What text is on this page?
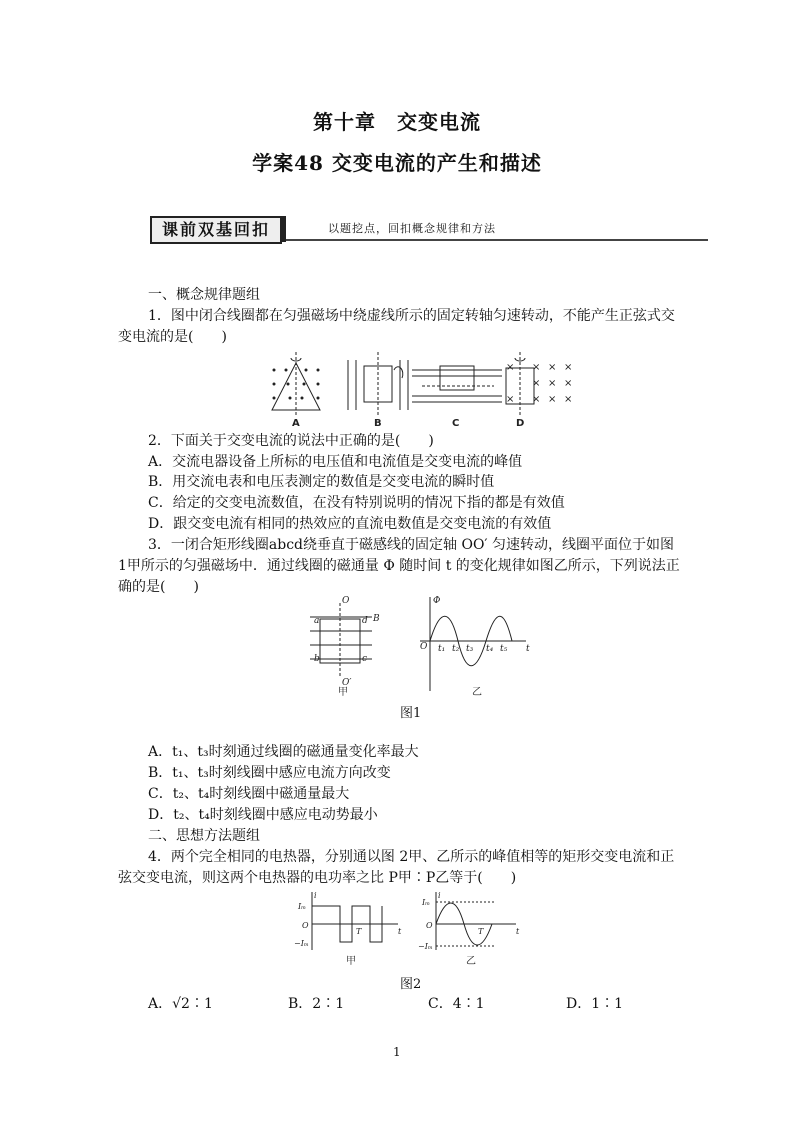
第十章　交变电流
学案48 交变电流的产生和描述
课前双基回扣	以题挖点，回扣概念规律和方法
一、概念规律题组
1．图中闭合线圈都在匀强磁场中绕虚线所示的固定转轴匀速转动，不能产生正弦式交
变电流的是(　　)
× × ×
× × ×
× × ×
×
×
A	B	C	D
2．下面关于交变电流的说法中正确的是(　　)
A．交流电器设备上所标的电压值和电流值是交变电流的峰值
B．用交流电表和电压表测定的数值是交变电流的瞬时值
C．给定的交变电流数值，在没有特别说明的情况下指的都是有效值
D．跟交变电流有相同的热效应的直流电数值是交变电流的有效值
3．一闭合矩形线圈abcd绕垂直于磁感线的固定轴 OO′ 匀速转动，线圈平面位于如图
1甲所示的匀强磁场中．通过线圈的磁通量 Φ 随时间 t 的变化规律如图乙所示，下列说法正
确的是(　　)
O
O′
B
a	d
b	c
Φ
O	t
t₁ t₂ t₃ t₄ t₅
甲	乙
图1
A．t₁、t₃时刻通过线圈的磁通量变化率最大
B．t₁、t₃时刻线圈中感应电流方向改变
C．t₂、t₄时刻线圈中磁通量最大
D．t₂、t₄时刻线圈中感应电动势最小
二、思想方法题组
4．两个完全相同的电热器，分别通以图 2甲、乙所示的峰值相等的矩形交变电流和正
弦交变电流，则这两个电热器的电功率之比 P甲∶P乙等于(　　)
i
Iₘ
O
−Iₘ
T	t
i
Iₘ
O
−Iₘ
T	t
甲	乙
图2
A．√2∶1	B．2∶1	C．4∶1	D．1∶1
1
